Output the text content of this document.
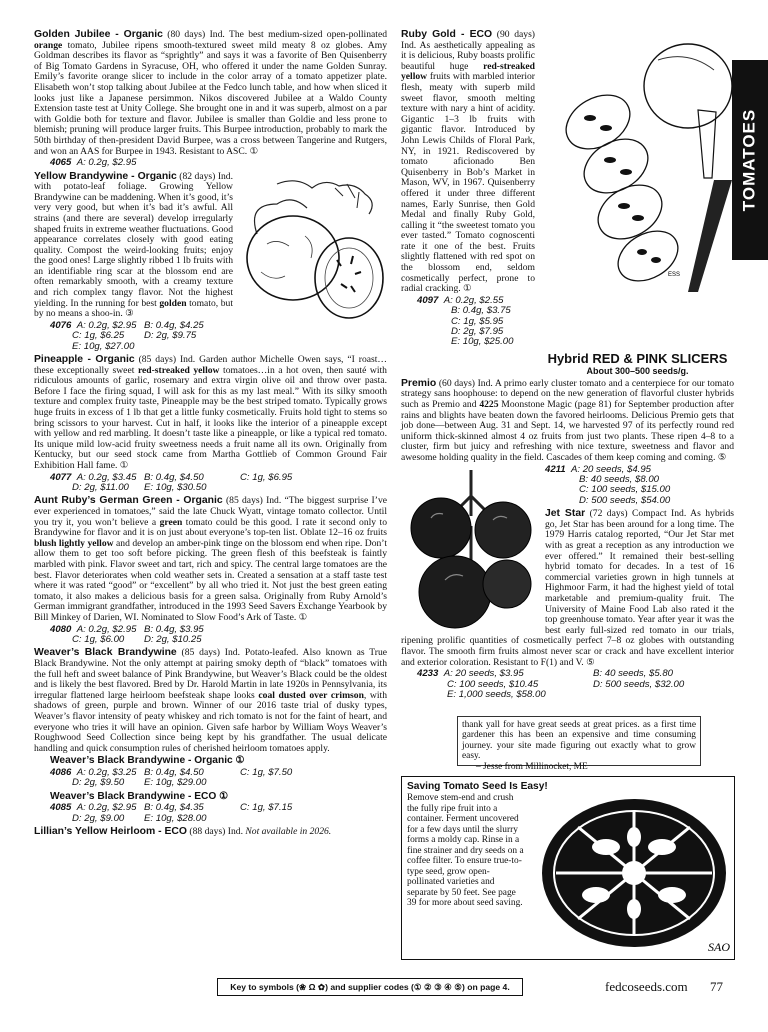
TOMATOES

Golden Jubilee - Organic (80 days) Ind. The best medium-sized open-pollinated orange tomato, Jubilee ripens smooth-textured sweet mild meaty 8 oz globes. Amy Goldman describes its flavor as “sprightly” and says it was a favorite of Ben Quisenberry of Big Tomato Gardens in Syracuse, OH, who offered it under the name Golden Sunray. Emily’s favorite orange slicer to include in the color array of a tomato appetizer plate. Elisabeth won’t stop talking about Jubilee at the Fedco lunch table, and how when sliced it looks just like a Japanese persimmon. Nikos discovered Jubilee at a Waldo County Extension taste test at Unity College. She brought one in and it was superb, almost on a par with Goldie both for texture and flavor. Jubilee is smaller than Goldie and less prone to blemish; pruning will produce larger fruits. This Burpee introduction, probably to mark the 50th birthday of then-president David Burpee, was a cross between Tangerine and Rutgers, and won an AAS for Burpee in 1943. Resistant to ASC. ①

4065 A: 0.2g, $2.95

Yellow Brandywine - Organic (82 days) Ind. with potato-leaf foliage. Growing Yellow Brandywine can be maddening. When it’s good, it’s very very good, but when it’s bad it’s awful. All strains (and there are several) develop irregularly shaped fruits in extreme weather fluctuations. Good appearance correlates closely with good eating quality. Compost the weird-looking fruits; enjoy the good ones! Large slightly ribbed 1 lb fruits with an identifiable ring scar at the blossom end are often remarkably smooth, with a creamy texture and rich complex tangy flavor. Not the highest yielding. In the running for best golden tomato, but by no means a shoo-in. ③

4076 A: 0.2g, $2.95 B: 0.4g, $4.25
C: 1g, $6.25	D: 2g, $9.75
E: 10g, $27.00

Pineapple - Organic (85 days) Ind. Garden author Michelle Owen says, “I roast…these exceptionally sweet red-streaked yellow tomatoes…in a hot oven, then sauté with ridiculous amounts of garlic, rosemary and extra virgin olive oil and throw over pasta. Before I face the firing squad, I will ask for this as my last meal.” With its silky smooth texture and complex fruity taste, Pineapple may be the best striped tomato. Typically grows huge fruits in excess of 1 lb that get a little funky cosmetically. Fruits hold tight to stems so bring scissors to your harvest. Cut in half, it looks like the interior of a pineapple except with yellow and red marbling. It doesn’t taste like a pineapple, or like a typical red tomato. Its unique mild low-acid fruity sweetness needs a fruit name all its own. Originally from Kentucky, but our seed stock came from Martha Gottlieb of Common Ground Fair Exhibition Hall fame. ①

4077 A: 0.2g, $3.45 B: 0.4g, $4.50	C: 1g, $6.95
D: 2g, $11.00	E: 10g, $30.50

Aunt Ruby’s German Green - Organic (85 days) Ind. “The biggest surprise I’ve ever experienced in tomatoes,” said the late Chuck Wyatt, vintage tomato collector. Until you try it, you won’t believe a green tomato could be this good. I rate it second only to Brandywine for flavor and it is on just about everyone’s top-ten list. Oblate 12–16 oz fruits blush lightly yellow and develop an amber-pink tinge on the blossom end when ripe. Don’t allow them to get too soft before picking. The green flesh of this beefsteak is faintly marbled with pink. Flavor sweet and tart, rich and spicy. The central large tomatoes are the best. Flavor deteriorates when cold weather sets in. Created a sensation at a staff taste test where it was rated “good” or “excellent” by all who tried it. Not just the best green eating tomato, it also makes a delicious basis for a green salsa. Originally from Ruby Arnold’s German immigrant grandfather, introduced in the 1993 Seed Savers Exchange Yearbook by Bill Minkey of Darien, WI. Nominated to Slow Food’s Ark of Taste. ①

4080 A: 0.2g, $2.95 B: 0.4g, $3.95
C: 1g, $6.00	D: 2g, $10.25

Weaver’s Black Brandywine (85 days) Ind. Potato-leafed. Also known as True Black Brandywine. Not the only attempt at pairing smoky depth of “black” tomatoes with the full heft and sweet balance of Pink Brandywine, but Weaver’s Black could be the oldest and is likely the best flavored. Bred by Dr. Harold Martin in late 1920s in Pennsylvania, its irregular flattened large heirloom beefsteak shape looks coal dusted over crimson, with shadows of green, purple and brown. Winner of our 2016 taste trial of dusky types, Weaver’s flavor intensity of peaty whiskey and rich tomato is not for the faint of heart, and everyone who tries it will have an opinion. Given safe harbor by William Woys Weaver’s Roughwood Seed Collection since being kept by his grandfather. The usual delicate handling and quick consumption rules of cherished heirloom tomatoes apply.

Weaver’s Black Brandywine - Organic ①
4086 A: 0.2g, $3.25 B: 0.4g, $4.50	C: 1g, $7.50
D: 2g, $9.50	E: 10g, $29.00
Weaver’s Black Brandywine - ECO ①
4085 A: 0.2g, $2.95 B: 0.4g, $4.35	C: 1g, $7.15
D: 2g, $9.00	E: 10g, $28.00

Lillian’s Yellow Heirloom - ECO (88 days) Ind. Not available in 2026.

ESS

Ruby Gold - ECO (90 days) Ind. As aesthetically appealing as it is delicious, Ruby boasts prolific beautiful huge red-streaked yellow fruits with marbled interior flesh, meaty with superb mild sweet flavor, smooth melting texture with nary a hint of acidity. Gigantic 1–3 lb fruits with gigantic flavor. Introduced by John Lewis Childs of Floral Park, NY, in 1921. Rediscovered by tomato aficionado Ben Quisenberry in Bob’s Market in Mason, WV, in 1967. Quisenberry offered it under three different names, Early Sunrise, then Gold Medal and finally Ruby Gold, calling it “the sweetest tomato you ever tasted.” Tomato cognoscenti rate it one of the best. Fruits slightly flattened with red spot on the blossom end, seldom cosmetically perfect, prone to radial cracking. ①

4097 A: 0.2g, $2.55
B: 0.4g, $3.75
C: 1g, $5.95
D: 2g, $7.95
E: 10g, $25.00
Hybrid RED & PINK SLICERS
About 300–500 seeds/g.

Premio (60 days) Ind. A primo early cluster tomato and a centerpiece for our tomato strategy sans hoophouse: to depend on the new generation of flavorful cluster hybrids such as Premio and 4225 Moonstone Magic (page 81) for September production after rains and blights have beaten down the favored heirlooms. Delicious Premio gets that job done—between Aug. 31 and Sept. 14, we harvested 97 of its perfectly round red uniform thick-skinned almost 4 oz fruits from just two plants. These ripen 4–8 to a cluster, firm but juicy and refreshing with nice texture, sweetness and flavor and awesome holding quality in the field. Cascades of them keep coming and coming. ⑤

4211 A: 20 seeds, $4.95
B: 40 seeds, $8.00
C: 100 seeds, $15.00
D: 500 seeds, $54.00

Jet Star (72 days) Compact Ind. As hybrids go, Jet Star has been around for a long time. The 1979 Harris catalog reported, “Our Jet Star met with as great a reception as any introduction we ever offered.” It remained their best-selling hybrid tomato for decades. In a test of 16 commercial varieties grown in high tunnels at Highmoor Farm, it had the highest yield of total marketable and premium-quality fruit. The University of Maine Food Lab also rated it the top greenhouse tomato. Year after year it was the best early full-sized red tomato in our trials, ripening prolific quantities of cosmetically perfect 7–8 oz globes with outstanding flavor. The smooth firm fruits almost never scar or crack and have excellent interior and exterior coloration. Resistant to F(1) and V. ⑤

4233 A: 20 seeds, $3.95	B: 40 seeds, $5.80
C: 100 seeds, $10.45	D: 500 seeds, $32.00
E: 1,000 seeds, $58.00
thank yall for have great seeds at great prices. as a first time gardener this has been an expensive and time consuming journey. your site made figuring out exactly what to grow easy.
– Jesse from Millinocket, ME
Saving Tomato Seed Is Easy!
Remove stem-end and crush the fully ripe fruit into a container. Ferment uncovered for a few days until the slurry forms a moldy cap. Rinse in a fine strainer and dry seeds on a coffee filter. To ensure true-to-type seed, grow open-pollinated varieties and separate by 50 feet. See page 39 for more about seed saving.
SAO
Key to symbols (❀ Ω ✿) and supplier codes (① ② ③ ④ ⑤) on page 4.	fedcoseeds.com 77
